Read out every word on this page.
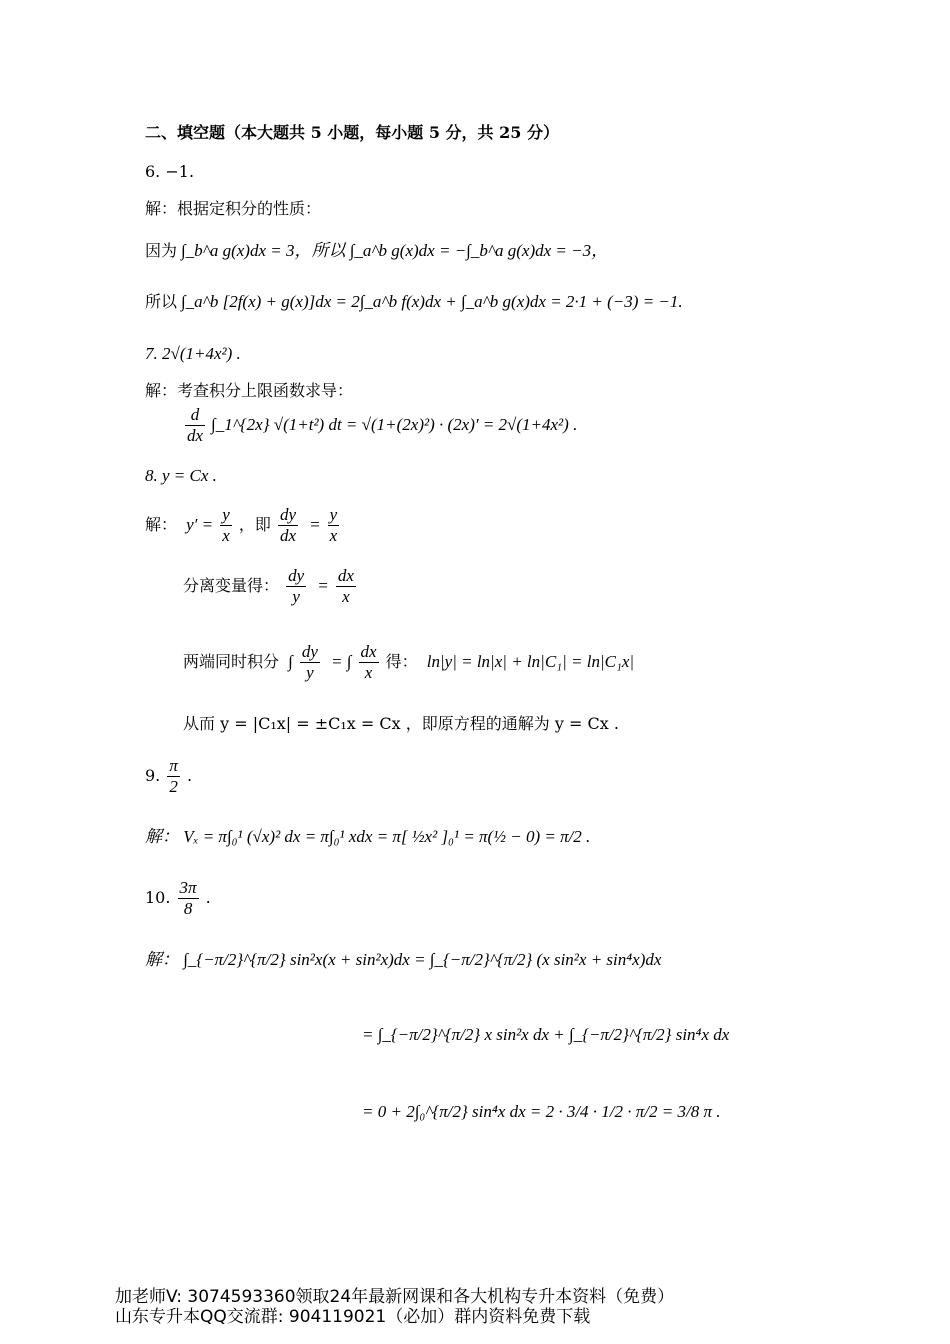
二、填空题（本大题共 5 小题，每小题 5 分，共 25 分）
6. −1.
解：根据定积分的性质：
因为 ∫_b^a g(x)dx = 3，所以 ∫_a^b g(x)dx = −∫_b^a g(x)dx = −3，
所以 ∫_a^b [2f(x) + g(x)]dx = 2∫_a^b f(x)dx + ∫_a^b g(x)dx = 2·1 + (−3) = −1.
7. 2√(1+4x²) .
解：考查积分上限函数求导：
$\frac{d}{dx}$ ∫_1^{2x} √(1+t²) dt = √(1+(2x)²) · (2x)′ = 2√(1+4x²) .
8. y = Cx .
解： $y' = \frac{y}{x}$ ，即 $\frac{dy}{dx} = \frac{y}{x}$
分离变量得： $\frac{dy}{y} = \frac{dx}{x}$
两端同时积分 ∫ $\frac{dy}{y}$ = ∫ $\frac{dx}{x}$ 得： ln|y| = ln|x| + ln|C₁| = ln|C₁x|
从而 y = |C₁x| = ±C₁x = Cx ，即原方程的通解为 y = Cx .
9. $\frac{\pi}{2}$ .
解： Vₓ = π∫₀¹ (√x)² dx = π∫₀¹ xdx = π[ ½x² ]₀¹ = π(½ − 0) = π/2 .
10. $\frac{3\pi}{8}$ .
解： ∫_{−π/2}^{π/2} sin²x(x + sin²x)dx = ∫_{−π/2}^{π/2} (x sin²x + sin⁴x)dx
= ∫_{−π/2}^{π/2} x sin²x dx + ∫_{−π/2}^{π/2} sin⁴x dx
= 0 + 2∫₀^{π/2} sin⁴x dx = 2 · 3/4 · 1/2 · π/2 = 3/8 π .
加老师V: 3074593360领取24年最新网课和各大机构专升本资料（免费）
山东专升本QQ交流群: 904119021（必加）群内资料免费下载
